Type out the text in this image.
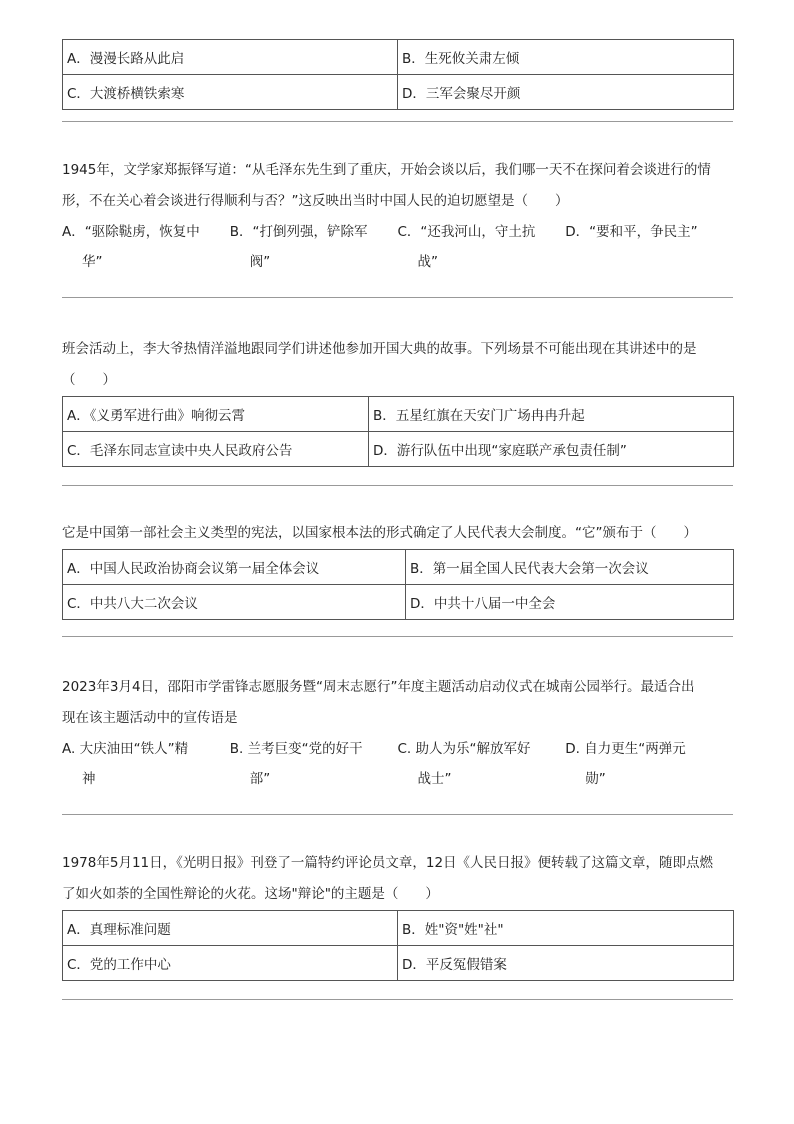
A．漫漫长路从此启	B．生死攸关肃左倾
C．大渡桥横铁索寒	D．三军会聚尽开颜

1945年，文学家郑振铎写道：“从毛泽东先生到了重庆，开始会谈以后，我们哪一天不在探问着会谈进行的情

形，不在关心着会谈进行得顺利与否？”这反映出当时中国人民的迫切愿望是（　　）

A．“驱除鞑虏，恢复中
华”
B．“打倒列强，铲除军
阀”
C．“还我河山，守土抗
战”
D．“要和平，争民主”

班会活动上，李大爷热情洋溢地跟同学们讲述他参加开国大典的故事。下列场景不可能出现在其讲述中的是

（　　）

A．《义勇军进行曲》响彻云霄	B．五星红旗在天安门广场冉冉升起
C．毛泽东同志宣读中央人民政府公告	D．游行队伍中出现“家庭联产承包责任制”

它是中国第一部社会主义类型的宪法，以国家根本法的形式确定了人民代表大会制度。“它”颁布于（　　）

A．中国人民政治协商会议第一届全体会议	B．第一届全国人民代表大会第一次会议
C．中共八大二次会议	D．中共十八届一中全会

2023年3月4日，邵阳市学雷锋志愿服务暨“周末志愿行”年度主题活动启动仪式在城南公园举行。最适合出

现在该主题活动中的宣传语是

A. 大庆油田“铁人”精
神
B. 兰考巨变“党的好干
部”
C. 助人为乐“解放军好
战士”
D. 自力更生“两弹元
勋”

1978年5月11日，《光明日报》刊登了一篇特约评论员文章，12日《人民日报》便转载了这篇文章，随即点燃

了如火如荼的全国性辩论的火花。这场"辩论"的主题是（　　）

A．真理标准问题	B．姓"资"姓"社"
C．党的工作中心	D．平反冤假错案
